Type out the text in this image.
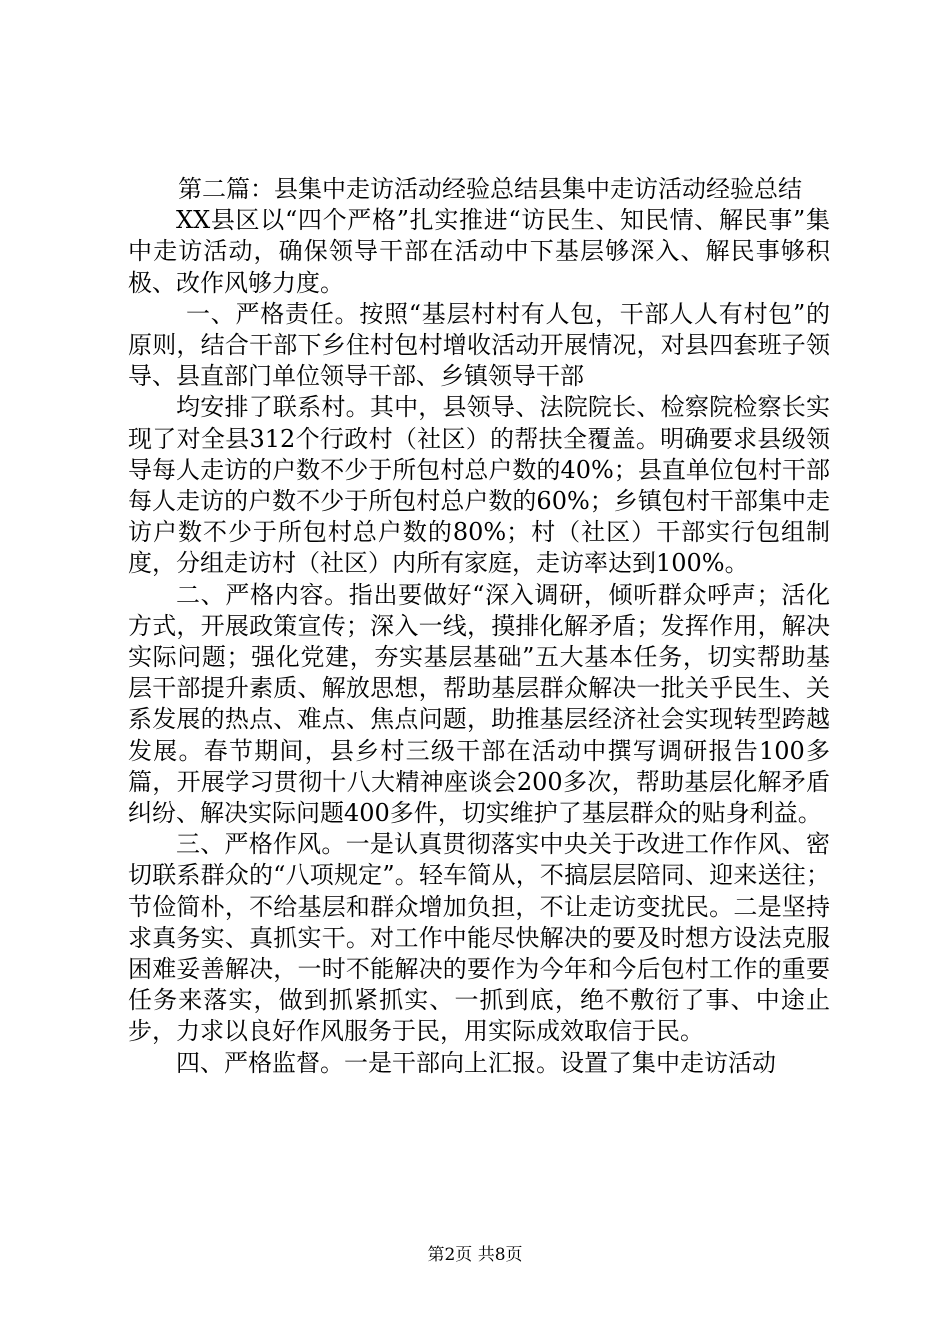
第二篇：县集中走访活动经验总结县集中走访活动经验总结

XX县区以“四个严格”扎实推进“访民生、知民情、解民事”集中走访活动，确保领导干部在活动中下基层够深入、解民事够积极、改作风够力度。

一、严格责任。按照“基层村村有人包，干部人人有村包”的原则，结合干部下乡住村包村增收活动开展情况，对县四套班子领导、县直部门单位领导干部、乡镇领导干部

均安排了联系村。其中，县领导、法院院长、检察院检察长实现了对全县312个行政村（社区）的帮扶全覆盖。明确要求县级领导每人走访的户数不少于所包村总户数的40%；县直单位包村干部每人走访的户数不少于所包村总户数的60%；乡镇包村干部集中走访户数不少于所包村总户数的80%；村（社区）干部实行包组制度，分组走访村（社区）内所有家庭，走访率达到100%。

二、严格内容。指出要做好“深入调研，倾听群众呼声；活化方式，开展政策宣传；深入一线，摸排化解矛盾；发挥作用，解决实际问题；强化党建，夯实基层基础”五大基本任务，切实帮助基层干部提升素质、解放思想，帮助基层群众解决一批关乎民生、关系发展的热点、难点、焦点问题，助推基层经济社会实现转型跨越发展。春节期间，县乡村三级干部在活动中撰写调研报告100多篇，开展学习贯彻十八大精神座谈会200多次，帮助基层化解矛盾纠纷、解决实际问题400多件，切实维护了基层群众的贴身利益。

三、严格作风。一是认真贯彻落实中央关于改进工作作风、密切联系群众的“八项规定”。轻车简从，不搞层层陪同、迎来送往；节俭简朴，不给基层和群众增加负担，不让走访变扰民。二是坚持求真务实、真抓实干。对工作中能尽快解决的要及时想方设法克服困难妥善解决，一时不能解决的要作为今年和今后包村工作的重要任务来落实，做到抓紧抓实、一抓到底，绝不敷衍了事、中途止步，力求以良好作风服务于民，用实际成效取信于民。

四、严格监督。一是干部向上汇报。设置了集中走访活动

第2页 共8页
